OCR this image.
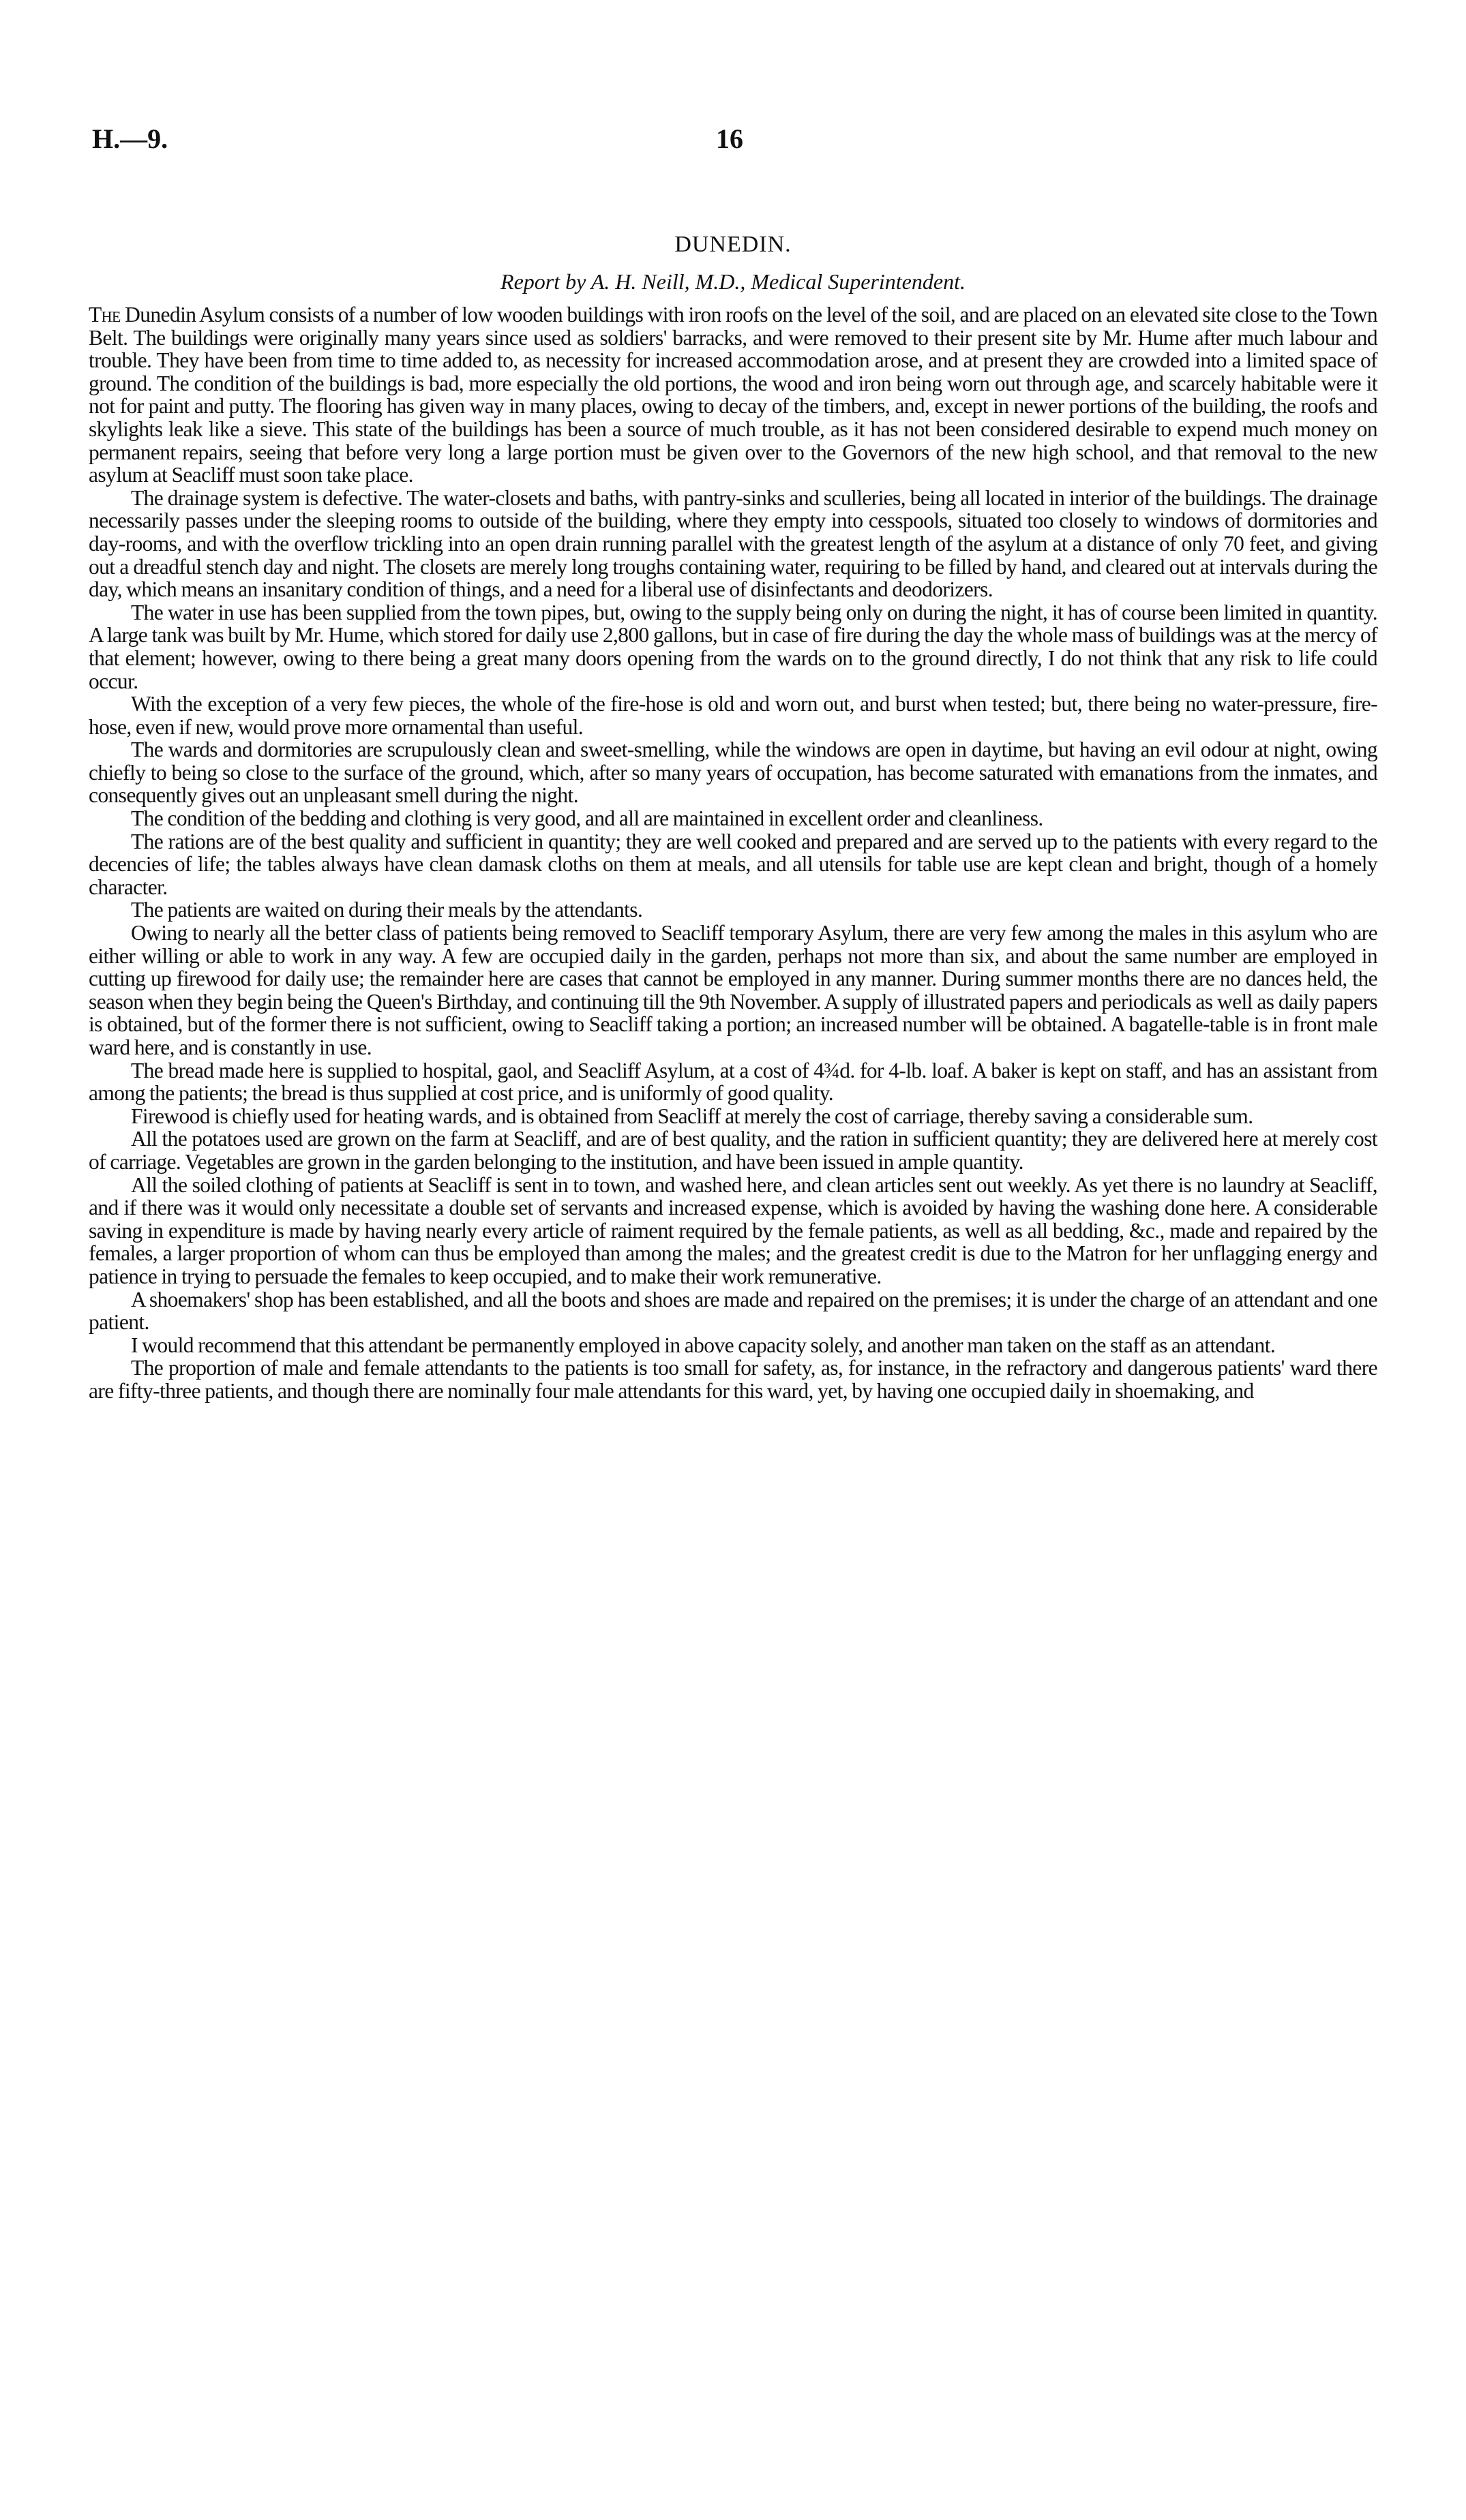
H.—9.	16
DUNEDIN.
Report by A. H. Neill, M.D., Medical Superintendent.

The Dunedin Asylum consists of a number of low wooden buildings with iron roofs on the level of the soil, and are placed on an elevated site close to the Town Belt. The buildings were originally many years since used as soldiers' barracks, and were removed to their present site by Mr. Hume after much labour and trouble. They have been from time to time added to, as necessity for increased accommodation arose, and at present they are crowded into a limited space of ground. The condition of the buildings is bad, more especially the old portions, the wood and iron being worn out through age, and scarcely habitable were it not for paint and putty. The flooring has given way in many places, owing to decay of the timbers, and, except in newer portions of the building, the roofs and skylights leak like a sieve. This state of the buildings has been a source of much trouble, as it has not been considered desirable to expend much money on permanent repairs, seeing that before very long a large portion must be given over to the Governors of the new high school, and that removal to the new asylum at Seacliff must soon take place.

The drainage system is defective. The water-closets and baths, with pantry-sinks and sculleries, being all located in interior of the buildings. The drainage necessarily passes under the sleeping rooms to outside of the building, where they empty into cesspools, situated too closely to windows of dormitories and day-rooms, and with the overflow trickling into an open drain running parallel with the greatest length of the asylum at a distance of only 70 feet, and giving out a dreadful stench day and night. The closets are merely long troughs containing water, requiring to be filled by hand, and cleared out at intervals during the day, which means an insanitary condition of things, and a need for a liberal use of disinfectants and deodorizers.

The water in use has been supplied from the town pipes, but, owing to the supply being only on during the night, it has of course been limited in quantity. A large tank was built by Mr. Hume, which stored for daily use 2,800 gallons, but in case of fire during the day the whole mass of buildings was at the mercy of that element; however, owing to there being a great many doors opening from the wards on to the ground directly, I do not think that any risk to life could occur.

With the exception of a very few pieces, the whole of the fire-hose is old and worn out, and burst when tested; but, there being no water-pressure, fire-hose, even if new, would prove more ornamental than useful.

The wards and dormitories are scrupulously clean and sweet-smelling, while the windows are open in daytime, but having an evil odour at night, owing chiefly to being so close to the surface of the ground, which, after so many years of occupation, has become saturated with emanations from the inmates, and consequently gives out an unpleasant smell during the night.

The condition of the bedding and clothing is very good, and all are maintained in excellent order and cleanliness.

The rations are of the best quality and sufficient in quantity; they are well cooked and prepared and are served up to the patients with every regard to the decencies of life; the tables always have clean damask cloths on them at meals, and all utensils for table use are kept clean and bright, though of a homely character.

The patients are waited on during their meals by the attendants.

Owing to nearly all the better class of patients being removed to Seacliff temporary Asylum, there are very few among the males in this asylum who are either willing or able to work in any way. A few are occupied daily in the garden, perhaps not more than six, and about the same number are employed in cutting up firewood for daily use; the remainder here are cases that cannot be employed in any manner. During summer months there are no dances held, the season when they begin being the Queen's Birthday, and continuing till the 9th November. A supply of illustrated papers and periodicals as well as daily papers is obtained, but of the former there is not sufficient, owing to Seacliff taking a portion; an increased number will be obtained. A bagatelle-table is in front male ward here, and is constantly in use.

The bread made here is supplied to hospital, gaol, and Seacliff Asylum, at a cost of 4¾d. for 4-lb. loaf. A baker is kept on staff, and has an assistant from among the patients; the bread is thus supplied at cost price, and is uniformly of good quality.

Firewood is chiefly used for heating wards, and is obtained from Seacliff at merely the cost of carriage, thereby saving a considerable sum.

All the potatoes used are grown on the farm at Seacliff, and are of best quality, and the ration in sufficient quantity; they are delivered here at merely cost of carriage. Vegetables are grown in the garden belonging to the institution, and have been issued in ample quantity.

All the soiled clothing of patients at Seacliff is sent in to town, and washed here, and clean articles sent out weekly. As yet there is no laundry at Seacliff, and if there was it would only necessitate a double set of servants and increased expense, which is avoided by having the washing done here. A considerable saving in expenditure is made by having nearly every article of raiment required by the female patients, as well as all bedding, &c., made and repaired by the females, a larger proportion of whom can thus be employed than among the males; and the greatest credit is due to the Matron for her unflagging energy and patience in trying to persuade the females to keep occupied, and to make their work remunerative.

A shoemakers' shop has been established, and all the boots and shoes are made and repaired on the premises; it is under the charge of an attendant and one patient.

I would recommend that this attendant be permanently employed in above capacity solely, and another man taken on the staff as an attendant.

The proportion of male and female attendants to the patients is too small for safety, as, for instance, in the refractory and dangerous patients' ward there are fifty-three patients, and though there are nominally four male attendants for this ward, yet, by having one occupied daily in shoemaking, and
